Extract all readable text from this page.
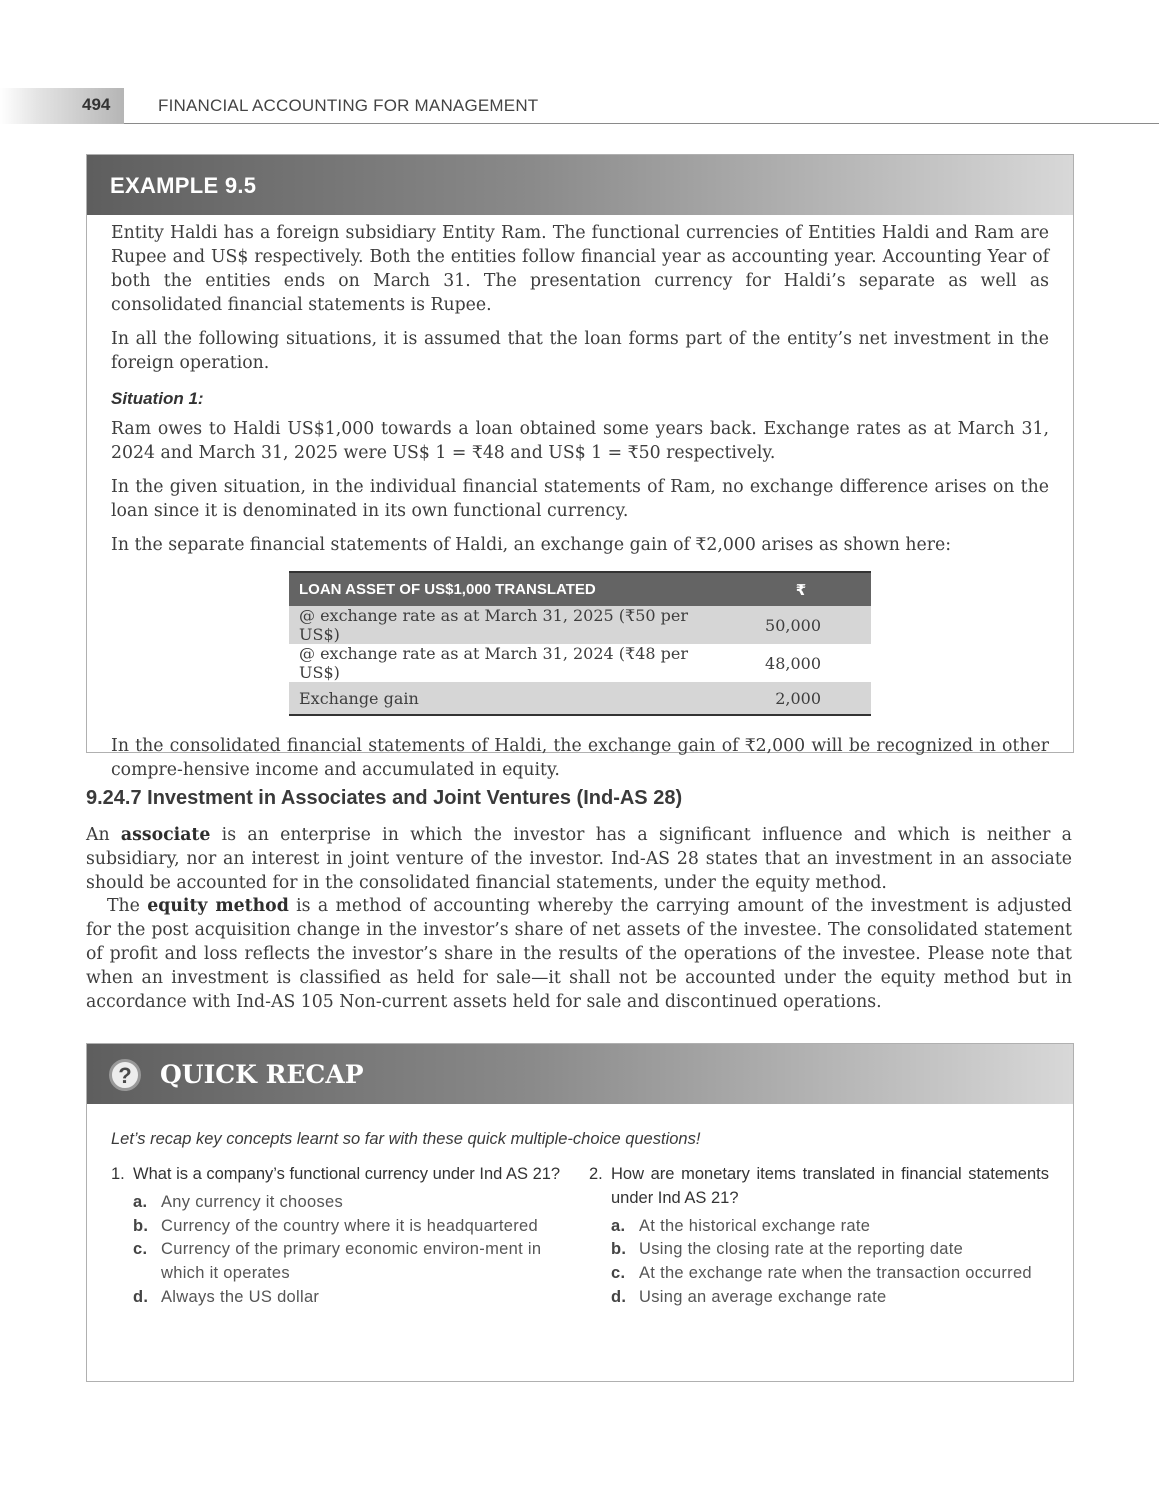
494	FINANCIAL ACCOUNTING FOR MANAGEMENT
EXAMPLE 9.5

Entity Haldi has a foreign subsidiary Entity Ram. The functional currencies of Entities Haldi and Ram are Rupee and US$ respectively. Both the entities follow financial year as accounting year. Accounting Year of both the entities ends on March 31. The presentation currency for Haldi’s separate as well as consolidated financial statements is Rupee.

In all the following situations, it is assumed that the loan forms part of the entity’s net investment in the foreign operation.

Situation 1:

Ram owes to Haldi US$1,000 towards a loan obtained some years back. Exchange rates as at March 31, 2024 and March 31, 2025 were US$ 1 = ₹48 and US$ 1 = ₹50 respectively.

In the given situation, in the individual financial statements of Ram, no exchange difference arises on the loan since it is denominated in its own functional currency.

In the separate financial statements of Haldi, an exchange gain of ₹2,000 arises as shown here:

LOAN ASSET OF US$1,000 TRANSLATED	₹
@ exchange rate as at March 31, 2025 (₹50 per US$)	50,000
@ exchange rate as at March 31, 2024 (₹48 per US$)	48,000
Exchange gain	2,000

In the consolidated financial statements of Haldi, the exchange gain of ₹2,000 will be recognized in other compre-hensive income and accumulated in equity.

9.24.7 Investment in Associates and Joint Ventures (Ind-AS 28)

An associate is an enterprise in which the investor has a significant influence and which is neither a subsidiary, nor an interest in joint venture of the investor. Ind-AS 28 states that an investment in an associate should be accounted for in the consolidated financial statements, under the equity method.

The equity method is a method of accounting whereby the carrying amount of the investment is adjusted for the post acquisition change in the investor’s share of net assets of the investee. The consolidated statement of profit and loss reflects the investor’s share in the results of the operations of the investee. Please note that when an investment is classified as held for sale—it shall not be accounted under the equity method but in accordance with Ind-AS 105 Non-current assets held for sale and discontinued operations.

?	QUICK RECAP
Let’s recap key concepts learnt so far with these quick multiple-choice questions!
1. What is a company’s functional currency under Ind AS 21?
a. Any currency it chooses
b. Currency of the country where it is headquartered
c. Currency of the primary economic environ-ment in which it operates
d. Always the US dollar
2. How are monetary items translated in financial statements under Ind AS 21?
a. At the historical exchange rate
b. Using the closing rate at the reporting date
c. At the exchange rate when the transaction occurred
d. Using an average exchange rate
